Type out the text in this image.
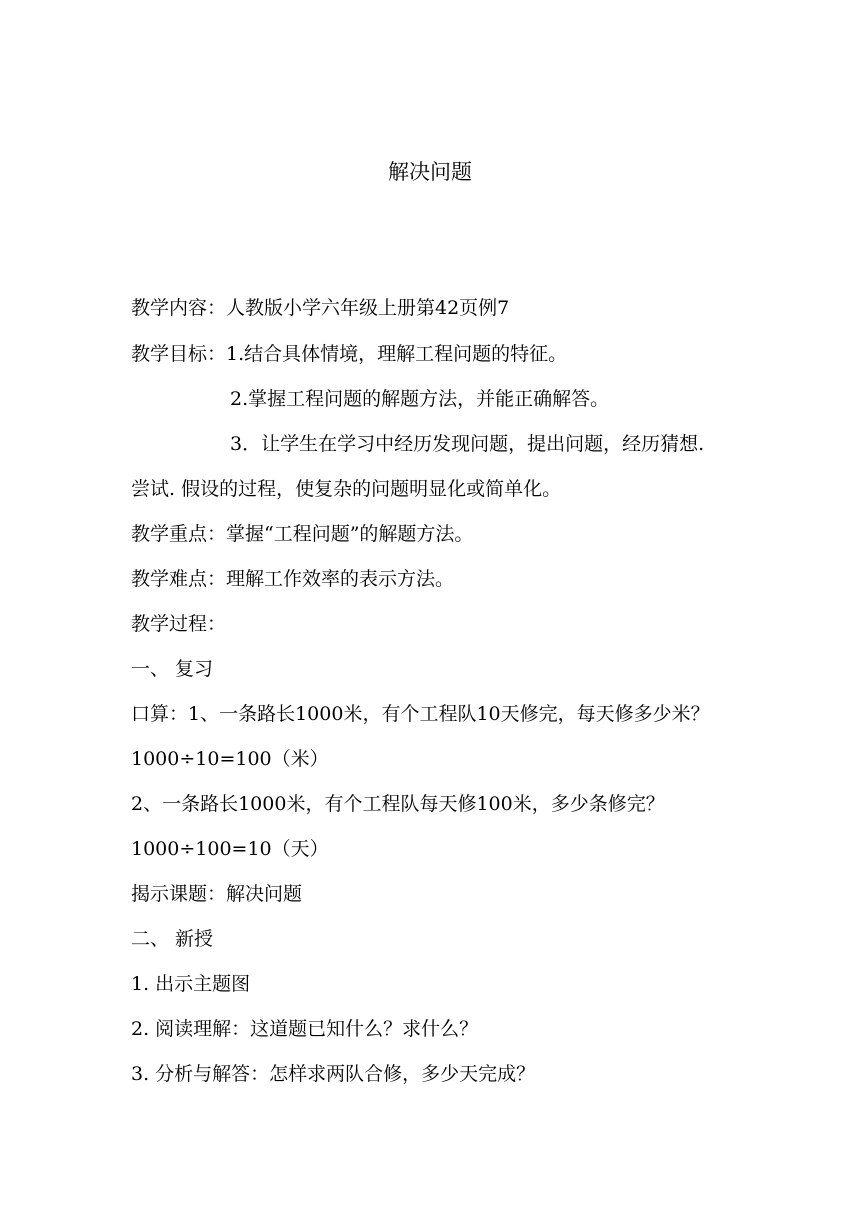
解决问题
教学内容：人教版小学六年级上册第42页例7
教学目标：1.结合具体情境，理解工程问题的特征。
2.掌握工程问题的解题方法，并能正确解答。
3．让学生在学习中经历发现问题，提出问题，经历猜想.
尝试. 假设的过程，使复杂的问题明显化或简单化。
教学重点：掌握“工程问题”的解题方法。
教学难点：理解工作效率的表示方法。
教学过程：
一、 复习
口算：1、一条路长1000米，有个工程队10天修完，每天修多少米？
1000÷10=100（米）
2、一条路长1000米，有个工程队每天修100米，多少条修完？
1000÷100=10（天）
揭示课题：解决问题
二、 新授
1. 出示主题图
2. 阅读理解：这道题已知什么？求什么？
3. 分析与解答：怎样求两队合修，多少天完成？
